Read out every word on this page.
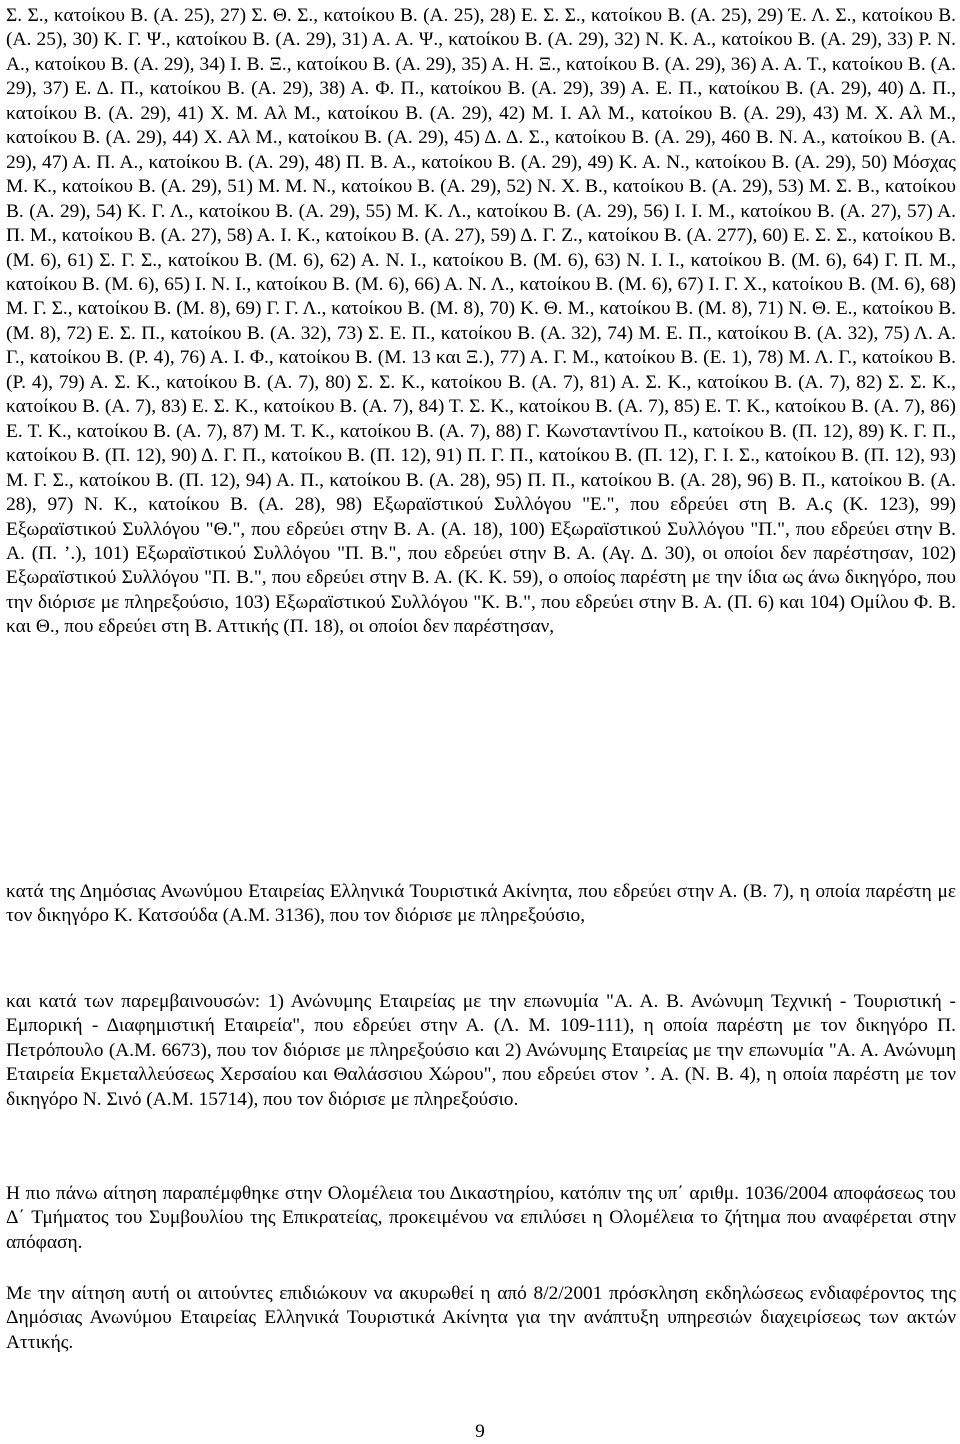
Σ. Σ., κατοίκου Β. (Α. 25), 27) Σ. Θ. Σ., κατοίκου Β. (Α. 25), 28) Ε. Σ. Σ., κατοίκου Β. (Α. 25), 29) Έ. Λ. Σ., κατοίκου Β. (Α. 25), 30) Κ. Γ. Ψ., κατοίκου Β. (Α. 29), 31) Α. Α. Ψ., κατοίκου Β. (Α. 29), 32) Ν. Κ. Α., κατοίκου Β. (Α. 29), 33) Ρ. Ν. Α., κατοίκου Β. (Α. 29), 34) Ι. Β. Ξ., κατοίκου Β. (Α. 29), 35) Α. Η. Ξ., κατοίκου Β. (Α. 29), 36) Α. Α. Τ., κατοίκου Β. (Α. 29), 37) Ε. Δ. Π., κατοίκου Β. (Α. 29), 38) Α. Φ. Π., κατοίκου Β. (Α. 29), 39) Α. Ε. Π., κατοίκου Β. (Α. 29), 40) Δ. Π., κατοίκου Β. (Α. 29), 41) Χ. Μ. Αλ Μ., κατοίκου Β. (Α. 29), 42) Μ. Ι. Αλ Μ., κατοίκου Β. (Α. 29), 43) Μ. Χ. Αλ Μ., κατοίκου Β. (Α. 29), 44) Χ. Αλ Μ., κατοίκου Β. (Α. 29), 45) Δ. Δ. Σ., κατοίκου Β. (Α. 29), 460 Β. Ν. Α., κατοίκου Β. (Α. 29), 47) Α. Π. Α., κατοίκου Β. (Α. 29), 48) Π. Β. Α., κατοίκου Β. (Α. 29), 49) Κ. Α. Ν., κατοίκου Β. (Α. 29), 50) Μόσχας Μ. Κ., κατοίκου Β. (Α. 29), 51) Μ. Μ. Ν., κατοίκου Β. (Α. 29), 52) Ν. Χ. Β., κατοίκου Β. (Α. 29), 53) Μ. Σ. Β., κατοίκου Β. (Α. 29), 54) Κ. Γ. Λ., κατοίκου Β. (Α. 29), 55) Μ. Κ. Λ., κατοίκου Β. (Α. 29), 56) Ι. Ι. Μ., κατοίκου Β. (Α. 27), 57) Α. Π. Μ., κατοίκου Β. (Α. 27), 58) Α. Ι. Κ., κατοίκου Β. (Α. 27), 59) Δ. Γ. Ζ., κατοίκου Β. (Α. 277), 60) Ε. Σ. Σ., κατοίκου Β. (Μ. 6), 61) Σ. Γ. Σ., κατοίκου Β. (Μ. 6), 62) Α. Ν. Ι., κατοίκου Β. (Μ. 6), 63) Ν. Ι. Ι., κατοίκου Β. (Μ. 6), 64) Γ. Π. Μ., κατοίκου Β. (Μ. 6), 65) Ι. Ν. Ι., κατοίκου Β. (Μ. 6), 66) Α. Ν. Λ., κατοίκου Β. (Μ. 6), 67) Ι. Γ. Χ., κατοίκου Β. (Μ. 6), 68) Μ. Γ. Σ., κατοίκου Β. (Μ. 8), 69) Γ. Γ. Λ., κατοίκου Β. (Μ. 8), 70) Κ. Θ. Μ., κατοίκου Β. (Μ. 8), 71) Ν. Θ. Ε., κατοίκου Β. (Μ. 8), 72) Ε. Σ. Π., κατοίκου Β. (Α. 32), 73) Σ. Ε. Π., κατοίκου Β. (Α. 32), 74) Μ. Ε. Π., κατοίκου Β. (Α. 32), 75) Λ. Α. Γ., κατοίκου Β. (Ρ. 4), 76) Α. Ι. Φ., κατοίκου Β. (Μ. 13 και Ξ.), 77) Α. Γ. Μ., κατοίκου Β. (Ε. 1), 78) Μ. Λ. Γ., κατοίκου Β. (Ρ. 4), 79) Α. Σ. Κ., κατοίκου Β. (Α. 7), 80) Σ. Σ. Κ., κατοίκου Β. (Α. 7), 81) Α. Σ. Κ., κατοίκου Β. (Α. 7), 82) Σ. Σ. Κ., κατοίκου Β. (Α. 7), 83) Ε. Σ. Κ., κατοίκου Β. (Α. 7), 84) Τ. Σ. Κ., κατοίκου Β. (Α. 7), 85) Ε. Τ. Κ., κατοίκου Β. (Α. 7), 86) Ε. Τ. Κ., κατοίκου Β. (Α. 7), 87) Μ. Τ. Κ., κατοίκου Β. (Α. 7), 88) Γ. Κωνσταντίνου Π., κατοίκου Β. (Π. 12), 89) Κ. Γ. Π., κατοίκου Β. (Π. 12), 90) Δ. Γ. Π., κατοίκου Β. (Π. 12), 91) Π. Γ. Π., κατοίκου Β. (Π. 12), Γ. Ι. Σ., κατοίκου Β. (Π. 12), 93) Μ. Γ. Σ., κατοίκου Β. (Π. 12), 94) Α. Π., κατοίκου Β. (Α. 28), 95) Π. Π., κατοίκου Β. (Α. 28), 96) Β. Π., κατοίκου Β. (Α. 28), 97) Ν. Κ., κατοίκου Β. (Α. 28), 98) Εξωραϊστικού Συλλόγου "Ε.", που εδρεύει στη Β. Α.ς (Κ. 123), 99) Εξωραϊστικού Συλλόγου "Θ.", που εδρεύει στην Β. Α. (Α. 18), 100) Εξωραϊστικού Συλλόγου "Π.", που εδρεύει στην Β. Α. (Π. ’.), 101) Εξωραϊστικού Συλλόγου "Π. Β.", που εδρεύει στην Β. Α. (Αγ. Δ. 30), οι οποίοι δεν παρέστησαν, 102) Εξωραϊστικού Συλλόγου "Π. Β.", που εδρεύει στην Β. Α. (Κ. Κ. 59), ο οποίος παρέστη με την ίδια ως άνω δικηγόρο, που την διόρισε με πληρεξούσιο, 103) Εξωραϊστικού Συλλόγου "Κ. Β.", που εδρεύει στην Β. Α. (Π. 6) και 104) Ομίλου Φ. Β. και Θ., που εδρεύει στη Β. Αττικής (Π. 18), οι οποίοι δεν παρέστησαν,

κατά της Δημόσιας Ανωνύμου Εταιρείας Ελληνικά Τουριστικά Ακίνητα, που εδρεύει στην Α. (Β. 7), η οποία παρέστη με τον δικηγόρο Κ. Κατσούδα (Α.Μ. 3136), που τον διόρισε με πληρεξούσιο,

και κατά των παρεμβαινουσών: 1) Ανώνυμης Εταιρείας με την επωνυμία "Α. Α. Β. Ανώνυμη Τεχνική - Τουριστική - Εμπορική - Διαφημιστική Εταιρεία", που εδρεύει στην Α. (Λ. Μ. 109-111), η οποία παρέστη με τον δικηγόρο Π. Πετρόπουλο (Α.Μ. 6673), που τον διόρισε με πληρεξούσιο και 2) Ανώνυμης Εταιρείας με την επωνυμία "Α. Α. Ανώνυμη Εταιρεία Εκμεταλλεύσεως Χερσαίου και Θαλάσσιου Χώρου", που εδρεύει στον ’. Α. (Ν. Β. 4), η οποία παρέστη με τον δικηγόρο Ν. Σινό (Α.Μ. 15714), που τον διόρισε με πληρεξούσιο.

Η πιο πάνω αίτηση παραπέμφθηκε στην Ολομέλεια του Δικαστηρίου, κατόπιν της υπ΄ αριθμ. 1036/2004 αποφάσεως του Δ΄ Τμήματος του Συμβουλίου της Επικρατείας, προκειμένου να επιλύσει η Ολομέλεια το ζήτημα που αναφέρεται στην απόφαση.

Με την αίτηση αυτή οι αιτούντες επιδιώκουν να ακυρωθεί η από 8/2/2001 πρόσκληση εκδηλώσεως ενδιαφέροντος της Δημόσιας Ανωνύμου Εταιρείας Ελληνικά Τουριστικά Ακίνητα για την ανάπτυξη υπηρεσιών διαχειρίσεως των ακτών Αττικής.

9
